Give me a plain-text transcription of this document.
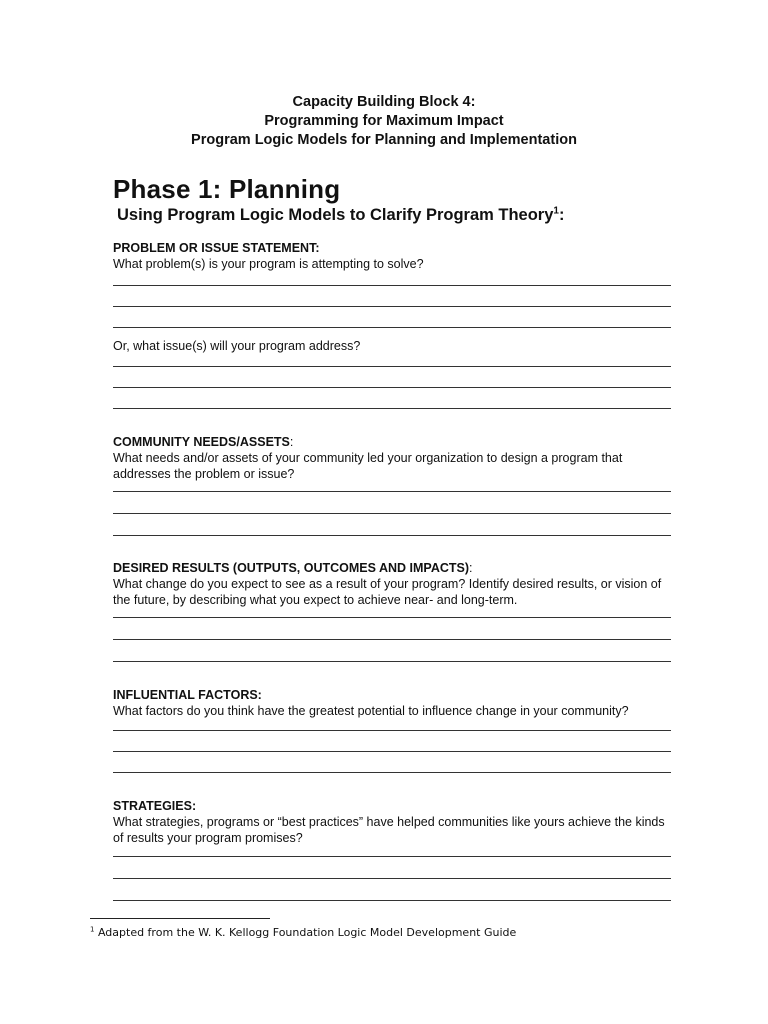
Capacity Building Block 4:
Programming for Maximum Impact
Program Logic Models for Planning and Implementation
Phase 1: Planning
Using Program Logic Models to Clarify Program Theory$^1$:
PROBLEM OR ISSUE STATEMENT:
What problem(s) is your program is attempting to solve?
Or, what issue(s) will your program address?
COMMUNITY NEEDS/ASSETS:
What needs and/or assets of your community led your organization to design a program that
addresses the problem or issue?
DESIRED RESULTS (OUTPUTS, OUTCOMES AND IMPACTS):
What change do you expect to see as a result of your program? Identify desired results, or vision of
the future, by describing what you expect to achieve near- and long-term.
INFLUENTIAL FACTORS:
What factors do you think have the greatest potential to influence change in your community?
STRATEGIES:
What strategies, programs or “best practices” have helped communities like yours achieve the kinds
of results your program promises?
$^1$ Adapted from the W. K. Kellogg Foundation Logic Model Development Guide
